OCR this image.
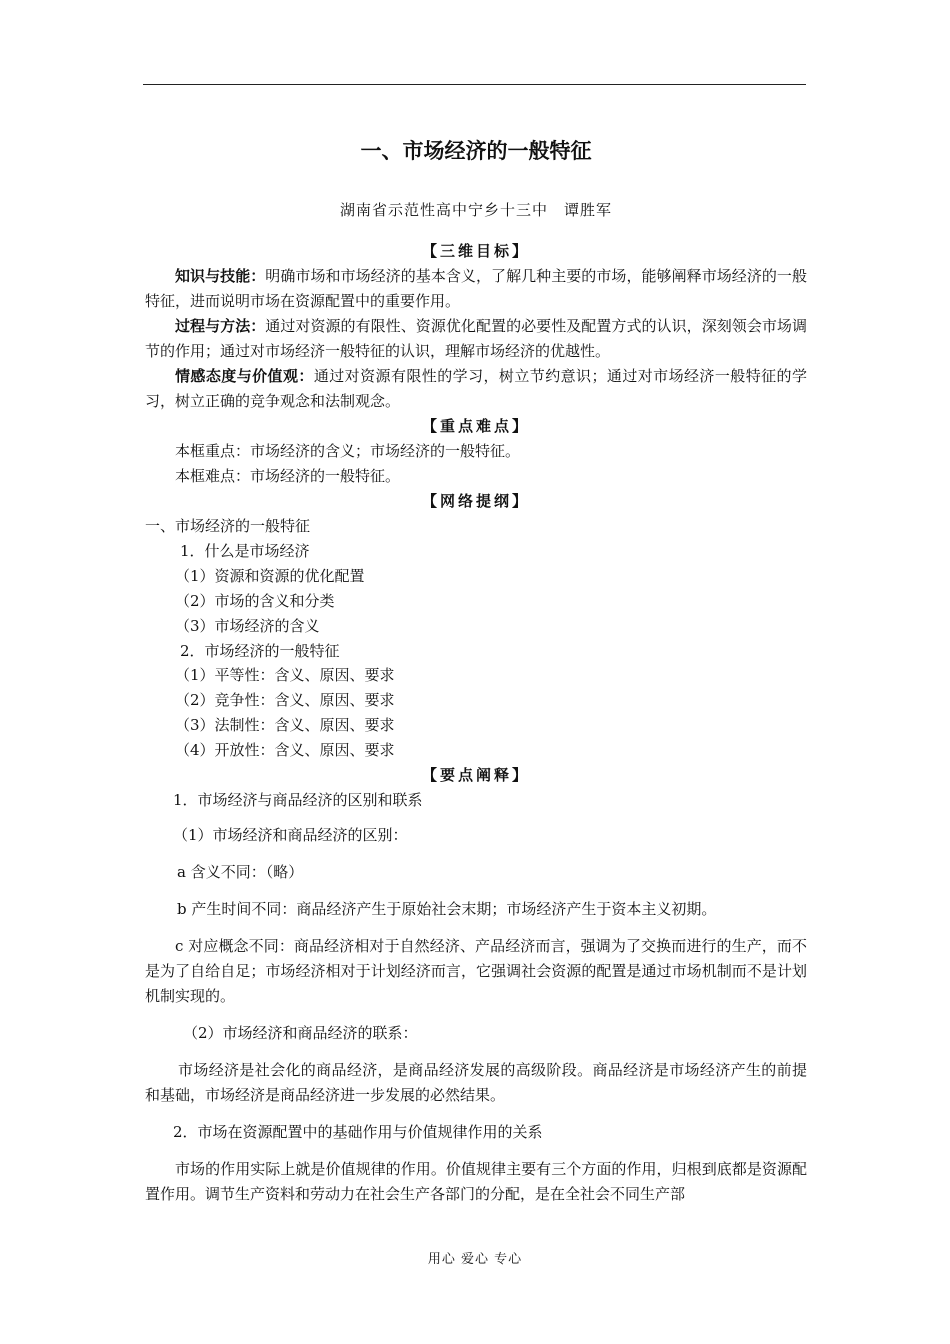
一、市场经济的一般特征

湖南省示范性高中宁乡十三中　谭胜军

【三维目标】

知识与技能：明确市场和市场经济的基本含义，了解几种主要的市场，能够阐释市场经济的一般特征，进而说明市场在资源配置中的重要作用。

过程与方法：通过对资源的有限性、资源优化配置的必要性及配置方式的认识，深刻领会市场调节的作用；通过对市场经济一般特征的认识，理解市场经济的优越性。

情感态度与价值观：通过对资源有限性的学习，树立节约意识；通过对市场经济一般特征的学习，树立正确的竞争观念和法制观念。

【重点难点】

本框重点：市场经济的含义；市场经济的一般特征。

本框难点：市场经济的一般特征。

【网络提纲】

一、市场经济的一般特征

1．什么是市场经济

（1）资源和资源的优化配置

（2）市场的含义和分类

（3）市场经济的含义

2．市场经济的一般特征

（1）平等性：含义、原因、要求

（2）竞争性：含义、原因、要求

（3）法制性：含义、原因、要求

（4）开放性：含义、原因、要求

【要点阐释】

1．市场经济与商品经济的区别和联系

（1）市场经济和商品经济的区别：

a 含义不同：（略）

b 产生时间不同：商品经济产生于原始社会末期；市场经济产生于资本主义初期。

c 对应概念不同：商品经济相对于自然经济、产品经济而言，强调为了交换而进行的生产，而不是为了自给自足；市场经济相对于计划经济而言，它强调社会资源的配置是通过市场机制而不是计划机制实现的。

（2）市场经济和商品经济的联系：

市场经济是社会化的商品经济，是商品经济发展的高级阶段。商品经济是市场经济产生的前提和基础，市场经济是商品经济进一步发展的必然结果。

2．市场在资源配置中的基础作用与价值规律作用的关系

市场的作用实际上就是价值规律的作用。价值规律主要有三个方面的作用，归根到底都是资源配置作用。调节生产资料和劳动力在社会生产各部门的分配，是在全社会不同生产部

用心 爱心 专心
